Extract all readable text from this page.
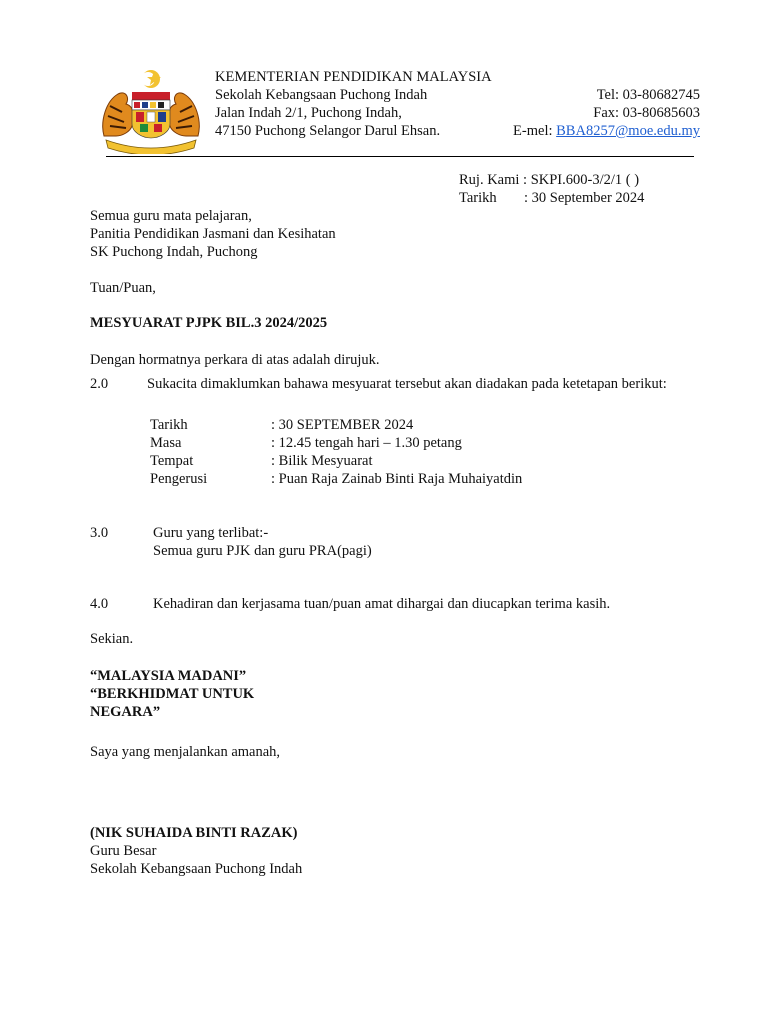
KEMENTERIAN PENDIDIKAN MALAYSIA
Sekolah Kebangsaan Puchong Indah
Jalan Indah 2/1, Puchong Indah,
47150 Puchong Selangor Darul Ehsan.
Tel: 03-80682745
Fax: 03-80685603
E-mel: BBA8257@moe.edu.my
Ruj. Kami : SKPI.600-3/2/1 ( )
Tarikh : 30 September 2024
Semua guru mata pelajaran,
Panitia Pendidikan Jasmani dan Kesihatan
SK Puchong Indah, Puchong
Tuan/Puan,
MESYUARAT PJPK BIL.3 2024/2025
Dengan hormatnya perkara di atas adalah dirujuk.
2.0	Sukacita dimaklumkan bahawa mesyuarat tersebut akan diadakan pada ketetapan berikut:
Tarikh	: 30 SEPTEMBER 2024
Masa	: 12.45 tengah hari – 1.30 petang
Tempat	: Bilik Mesyuarat
Pengerusi	: Puan Raja Zainab Binti Raja Muhaiyatdin
3.0	Guru yang terlibat:-
Semua guru PJK dan guru PRA(pagi)
4.0	Kehadiran dan kerjasama tuan/puan amat dihargai dan diucapkan terima kasih.
Sekian.
“MALAYSIA MADANI”
“BERKHIDMAT UNTUK
NEGARA”
Saya yang menjalankan amanah,
(NIK SUHAIDA BINTI RAZAK)
Guru Besar
Sekolah Kebangsaan Puchong Indah
